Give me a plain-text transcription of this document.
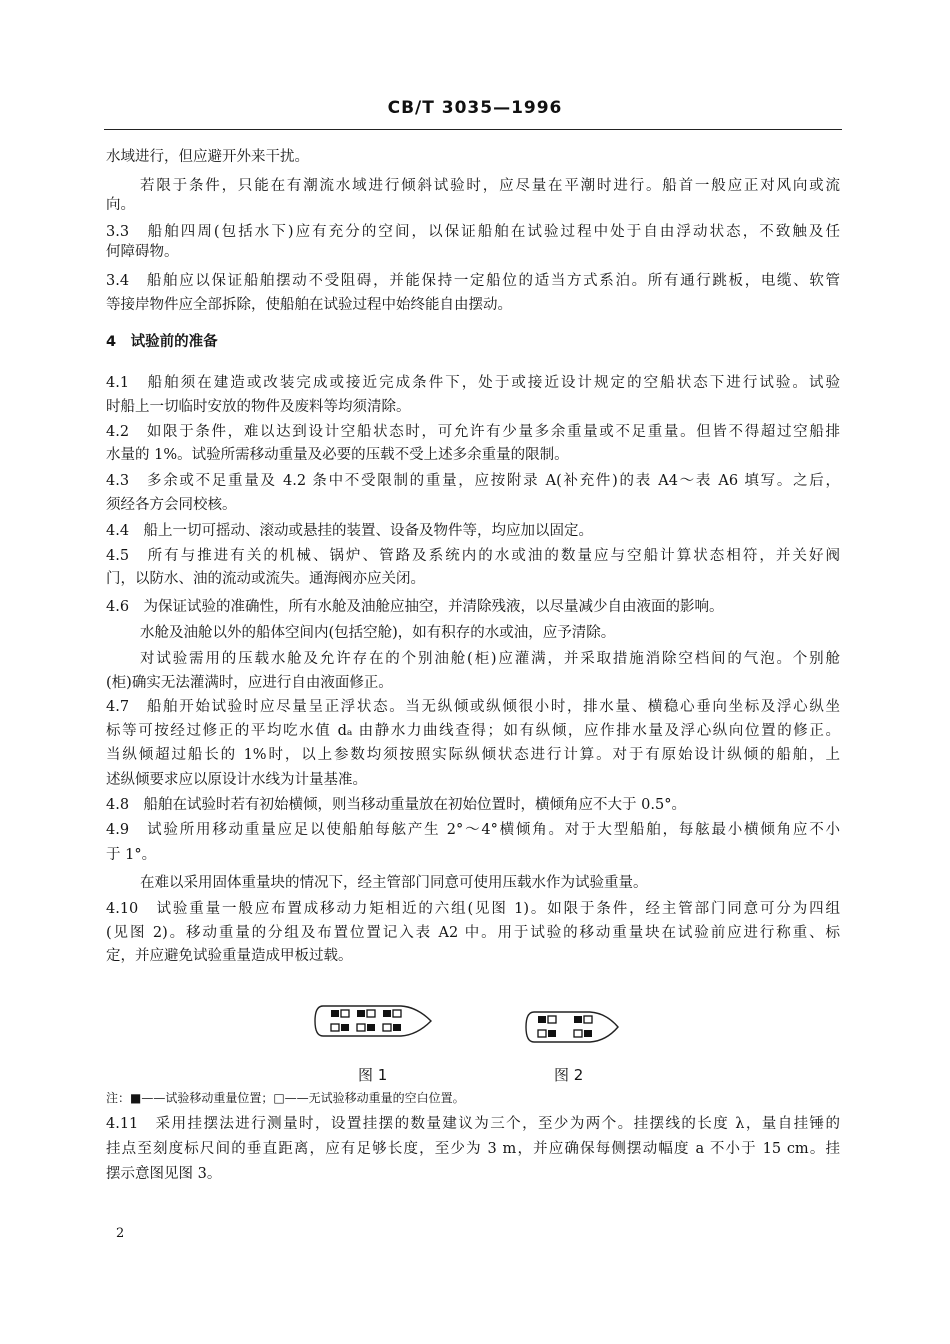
CB/T 3035—1996
水域进行，但应避开外来干扰。
若限于条件，只能在有潮流水域进行倾斜试验时，应尽量在平潮时进行。船首一般应正对风向或流
向。
3.3　船舶四周(包括水下)应有充分的空间，以保证船舶在试验过程中处于自由浮动状态，不致触及任
何障碍物。
3.4　船舶应以保证船舶摆动不受阻碍，并能保持一定船位的适当方式系泊。所有通行跳板，电缆、软管
等接岸物件应全部拆除，使船舶在试验过程中始终能自由摆动。
4　试验前的准备
4.1　船舶须在建造或改装完成或接近完成条件下，处于或接近设计规定的空船状态下进行试验。试验
时船上一切临时安放的物件及废料等均须清除。
4.2　如限于条件，难以达到设计空船状态时，可允许有少量多余重量或不足重量。但皆不得超过空船排
水量的 1%。试验所需移动重量及必要的压载不受上述多余重量的限制。
4.3　多余或不足重量及 4.2 条中不受限制的重量，应按附录 A(补充件)的表 A4～表 A6 填写。之后，
须经各方会同校核。
4.4　船上一切可摇动、滚动或悬挂的装置、设备及物件等，均应加以固定。
4.5　所有与推进有关的机械、锅炉、管路及系统内的水或油的数量应与空船计算状态相符，并关好阀
门，以防水、油的流动或流失。通海阀亦应关闭。
4.6　为保证试验的准确性，所有水舱及油舱应抽空，并清除残液，以尽量减少自由液面的影响。
水舱及油舱以外的船体空间内(包括空舱)，如有积存的水或油，应予清除。
对试验需用的压载水舱及允许存在的个别油舱(柜)应灌满，并采取措施消除空档间的气泡。个别舱
(柜)确实无法灌满时，应进行自由液面修正。
4.7　船舶开始试验时应尽量呈正浮状态。当无纵倾或纵倾很小时，排水量、横稳心垂向坐标及浮心纵坐
标等可按经过修正的平均吃水值 dₐ 由静水力曲线查得；如有纵倾，应作排水量及浮心纵向位置的修正。
当纵倾超过船长的 1%时，以上参数均须按照实际纵倾状态进行计算。对于有原始设计纵倾的船舶，上
述纵倾要求应以原设计水线为计量基准。
4.8　船舶在试验时若有初始横倾，则当移动重量放在初始位置时，横倾角应不大于 0.5°。
4.9　试验所用移动重量应足以使船舶每舷产生 2°～4°横倾角。对于大型船舶，每舷最小横倾角应不小
于 1°。
在难以采用固体重量块的情况下，经主管部门同意可使用压载水作为试验重量。
4.10　试验重量一般应布置成移动力矩相近的六组(见图 1)。如限于条件，经主管部门同意可分为四组
(见图 2)。移动重量的分组及布置位置记入表 A2 中。用于试验的移动重量块在试验前应进行称重、标
定，并应避免试验重量造成甲板过载。
图 1	图 2
注：■——试验移动重量位置；□——无试验移动重量的空白位置。
4.11　采用挂摆法进行测量时，设置挂摆的数量建议为三个，至少为两个。挂摆线的长度 λ，量自挂锤的
挂点至刻度标尺间的垂直距离，应有足够长度，至少为 3 m，并应确保每侧摆动幅度 a 不小于 15 cm。挂
摆示意图见图 3。
2
